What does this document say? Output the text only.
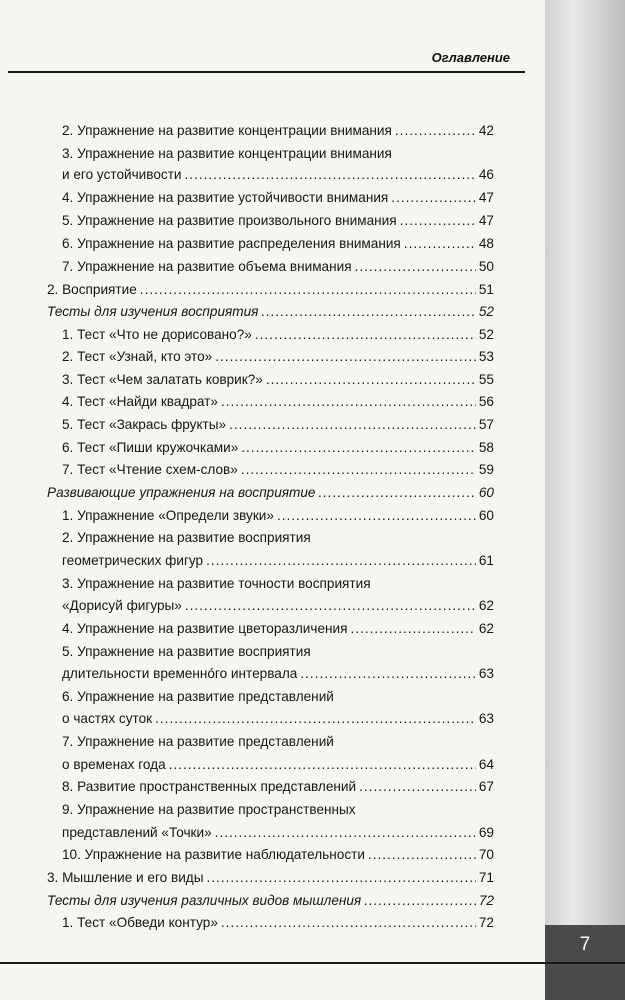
7
Оглавление
2. Упражнение на развитие концентрации внимания .....	42
3. Упражнение на развитие концентрации внимания
и его устойчивости .....	46
4. Упражнение на развитие устойчивости внимания .....	47
5. Упражнение на развитие произвольного внимания .....	47
6. Упражнение на развитие распределения внимания .....	48
7. Упражнение на развитие объема внимания .....	50
2. Восприятие .....	51
Тесты для изучения восприятия .....	52
1. Тест «Что не дорисовано?» .....	52
2. Тест «Узнай, кто это» .....	53
3. Тест «Чем залатать коврик?» .....	55
4. Тест «Найди квадрат» .....	56
5. Тест «Закрась фрукты» .....	57
6. Тест «Пиши кружочками» .....	58
7. Тест «Чтение схем-слов» .....	59
Развивающие упражнения на восприятие .....	60
1. Упражнение «Определи звуки» .....	60
2. Упражнение на развитие восприятия
геометрических фигур .....	61
3. Упражнение на развитие точности восприятия
«Дорисуй фигуры» .....	62
4. Упражнение на развитие цветоразличения .....	62
5. Упражнение на развитие восприятия
длительности временно́го интервала .....	63
6. Упражнение на развитие представлений
о частях суток .....	63
7. Упражнение на развитие представлений
о временах года .....	64
8. Развитие пространственных представлений .....	67
9. Упражнение на развитие пространственных
представлений «Точки» .....	69
10. Упражнение на развитие наблюдательности .....	70
3. Мышление и его виды .....	71
Тесты для изучения различных видов мышления .....	72
1. Тест «Обведи контур» .....	72
